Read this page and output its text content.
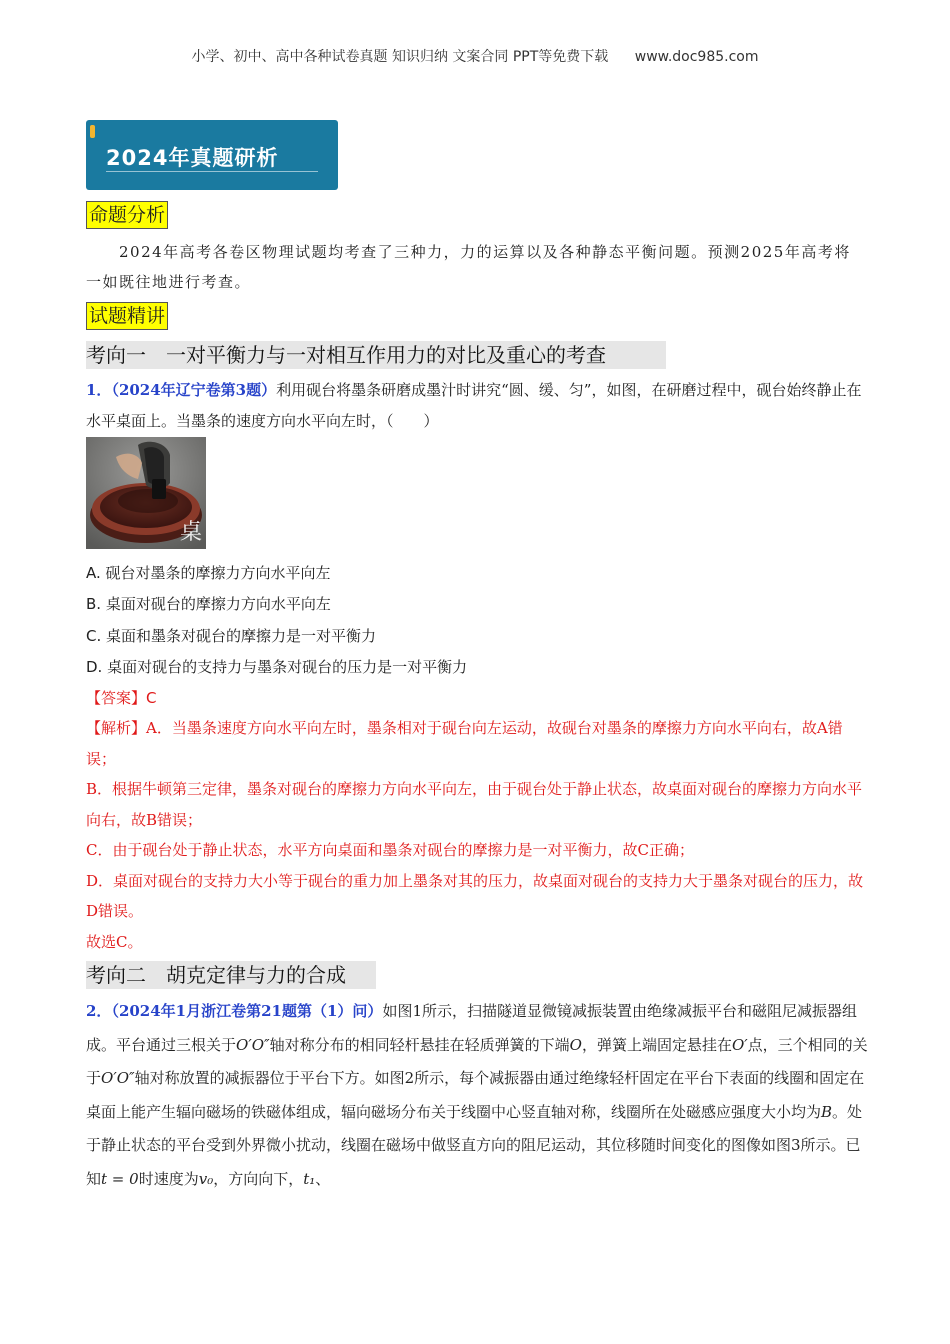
小学、初中、高中各种试卷真题 知识归纳 文案合同 PPT等免费下载 www.doc985.com
2024年真题研析
命题分析
2024年高考各卷区物理试题均考查了三种力，力的运算以及各种静态平衡问题。预测2025年高考将一如既往地进行考查。
试题精讲
考向一 一对平衡力与一对相互作用力的对比及重心的考查
1．（2024年辽宁卷第3题）利用砚台将墨条研磨成墨汁时讲究“圆、缓、匀”，如图，在研磨过程中，砚台始终静止在水平桌面上。当墨条的速度方向水平向左时，（　　）
桌
A. 砚台对墨条的摩擦力方向水平向左
B. 桌面对砚台的摩擦力方向水平向左
C. 桌面和墨条对砚台的摩擦力是一对平衡力
D. 桌面对砚台的支持力与墨条对砚台的压力是一对平衡力
【答案】C
【解析】A．当墨条速度方向水平向左时，墨条相对于砚台向左运动，故砚台对墨条的摩擦力方向水平向右，故A错误；
B．根据牛顿第三定律，墨条对砚台的摩擦力方向水平向左，由于砚台处于静止状态，故桌面对砚台的摩擦力方向水平向右，故B错误；
C．由于砚台处于静止状态，水平方向桌面和墨条对砚台的摩擦力是一对平衡力，故C正确；
D．桌面对砚台的支持力大小等于砚台的重力加上墨条对其的压力，故桌面对砚台的支持力大于墨条对砚台的压力，故D错误。
故选C。
考向二 胡克定律与力的合成
2．（2024年1月浙江卷第21题第（1）问）如图1所示，扫描隧道显微镜减振装置由绝缘减振平台和磁阻尼减振器组成。平台通过三根关于O′O″轴对称分布的相同轻杆悬挂在轻质弹簧的下端O，弹簧上端固定悬挂在O′点，三个相同的关于O′O″轴对称放置的减振器位于平台下方。如图2所示，每个减振器由通过绝缘轻杆固定在平台下表面的线圈和固定在桌面上能产生辐向磁场的铁磁体组成，辐向磁场分布关于线圈中心竖直轴对称，线圈所在处磁感应强度大小均为B。处于静止状态的平台受到外界微小扰动，线圈在磁场中做竖直方向的阻尼运动，其位移随时间变化的图像如图3所示。已知t = 0时速度为v₀，方向向下，t₁、
